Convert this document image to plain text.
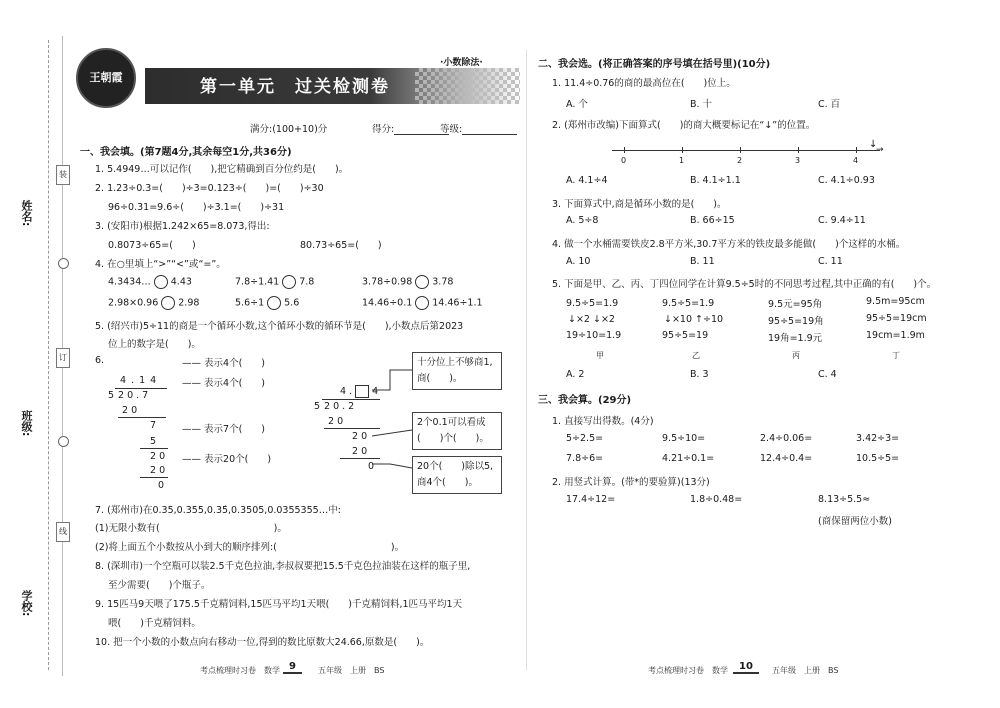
姓名:
班级:
学校:
装
订
线
王朝霞
·小数除法·
第一单元　过关检测卷
满分:(100+10)分	得分:	等级:
一、我会填。(第7题4分,其余每空1分,共36分)
1. 5.4949…可以记作(　　),把它精确到百分位约是(　　)。
2. 1.23÷0.3=(　　)÷3=0.123÷(　　)=(　　)÷30
96÷0.31=9.6÷(　　)÷3.1=(　　)÷31
3. (安阳市)根据1.242×65=8.073,得出:
0.8073÷65=(　　)	80.73÷65=(　　)
4. 在○里填上“>”“<”或“=”。
4.3434… 4.43	7.8÷1.41 7.8	3.78÷0.98 3.78
2.98×0.96 2.98	5.6÷1 5.6	14.46÷0.1 14.46÷1.1
5. (绍兴市)5÷11的商是一个循环小数,这个循环小数的循环节是(　　),小数点后第2023
位上的数字是(　　)。
6.
4 . 1 4
5 2 0 . 7
2 0
7
5
2 0
2 0
0
—— 表示4个(　　)
—— 表示4个(　　)
—— 表示7个(　　)
—— 表示20个(　　)
4 .  4
5 2 0 . 2
2 0
2 0
2 0
0
十分位上不够商1,商(　　)。
2个0.1可以看成(　　)个(　　)。
20个(　　)除以5,商4个(　　)。
7. (郑州市)在0.35,0.355,0.35̇,0.3505,0.0355355…中:
(1)无限小数有(　　　　　　　　　　　　)。
(2)将上面五个小数按从小到大的顺序排列:(　　　　　　　　　　　　)。
8. (深圳市)一个空瓶可以装2.5千克色拉油,李叔叔要把15.5千克色拉油装在这样的瓶子里,
至少需要(　　)个瓶子。
9. 15匹马9天喂了175.5千克精饲料,15匹马平均1天喂(　　)千克精饲料,1匹马平均1天
喂(　　)千克精饲料。
10. 把一个小数的小数点向右移动一位,得到的数比原数大24.66,原数是(　　)。
考点梳理时习卷　数学 9	五年级　上册　BS
二、我会选。(将正确答案的序号填在括号里)(10分)
1. 11.4÷0.76的商的最高位在(　　)位上。
A. 个	B. 十	C. 百
2. (郑州市改编)下面算式(　　)的商大概要标记在“↓”的位置。
→
↓
0	1	2	3	4
A. 4.1÷4	B. 4.1÷1.1	C. 4.1÷0.93
3. 下面算式中,商是循环小数的是(　　)。
A. 5÷8	B. 66÷15	C. 9.4÷11
4. 做一个水桶需要铁皮2.8平方米,30.7平方米的铁皮最多能做(　　)个这样的水桶。
A. 10	B. 11	C. 11
5. 下面是甲、乙、丙、丁四位同学在计算9.5÷5时的不同思考过程,其中正确的有(　　)个。
9.5÷5=1.9
↓×2 ↓×2
19÷10=1.9
9.5÷5=1.9
↓×10 ↑÷10
95÷5=19
9.5元=95角
95÷5=19角
19角=1.9元
9.5m=95cm
95÷5=19cm
19cm=1.9m
甲	乙	丙	丁
A. 2	B. 3	C. 4
三、我会算。(29分)
1. 直接写出得数。(4分)
5÷2.5=	9.5÷10=	2.4÷0.06=	3.42÷3=
7.8÷6=	4.21÷0.1=	12.4÷0.4=	10.5÷5=
2. 用竖式计算。(带*的要验算)(13分)
17.4÷12=	1.8÷0.48=	8.13÷5.5≈
(商保留两位小数)
考点梳理时习卷　数学	10	五年级　上册　BS
